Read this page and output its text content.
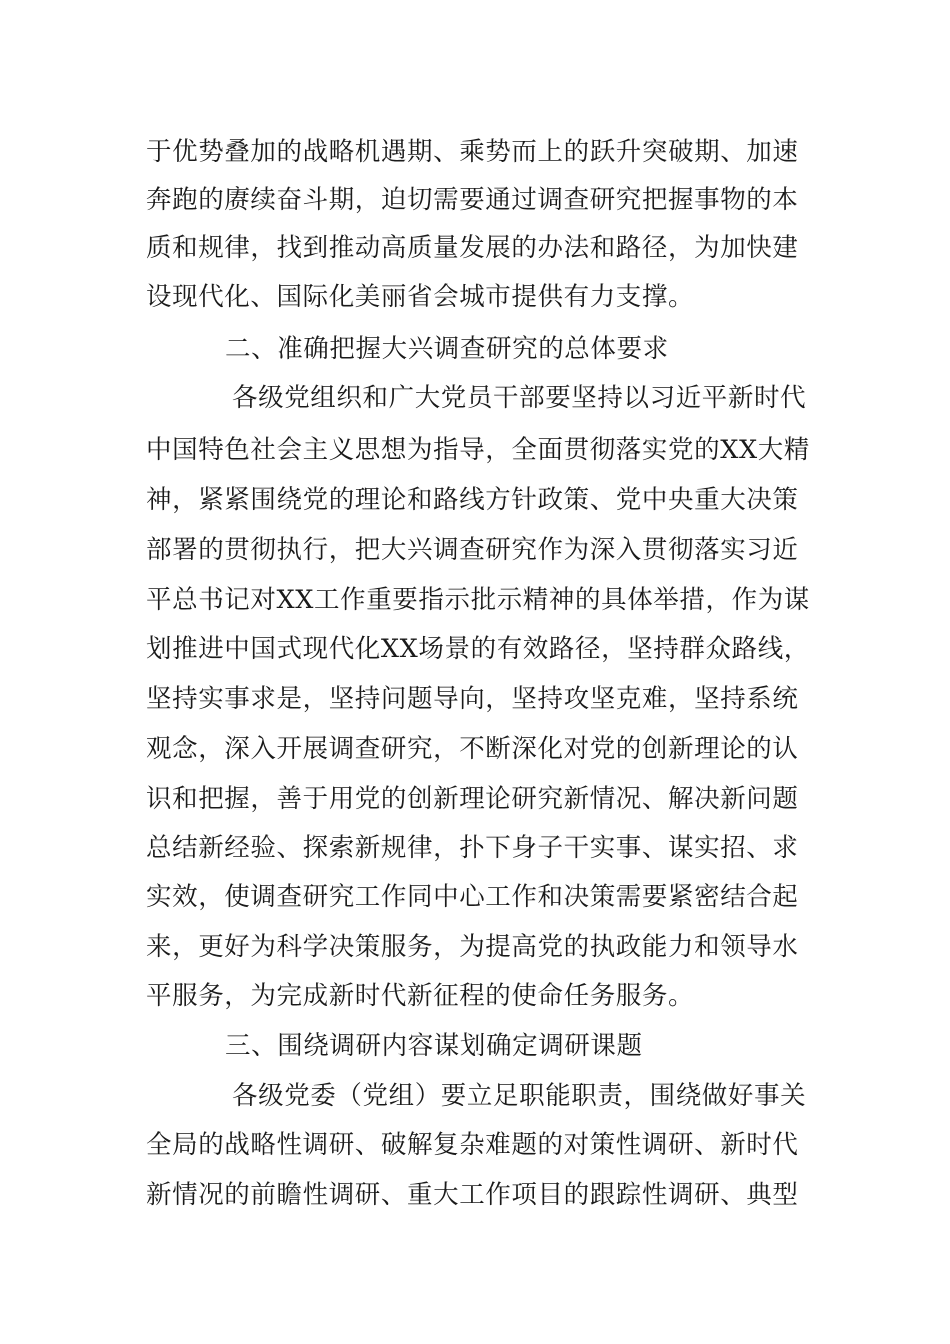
于优势叠加的战略机遇期、乘势而上的跃升突破期、加速
奔跑的赓续奋斗期，迫切需要通过调查研究把握事物的本
质和规律，找到推动高质量发展的办法和路径，为加快建
设现代化、国际化美丽省会城市提供有力支撑。
二、准确把握大兴调查研究的总体要求
各级党组织和广大党员干部要坚持以习近平新时代
中国特色社会主义思想为指导，全面贯彻落实党的XX大精
神，紧紧围绕党的理论和路线方针政策、党中央重大决策
部署的贯彻执行，把大兴调查研究作为深入贯彻落实习近
平总书记对XX工作重要指示批示精神的具体举措，作为谋
划推进中国式现代化XX场景的有效路径，坚持群众路线，
坚持实事求是，坚持问题导向，坚持攻坚克难，坚持系统
观念，深入开展调查研究，不断深化对党的创新理论的认
识和把握，善于用党的创新理论研究新情况、解决新问题
总结新经验、探索新规律，扑下身子干实事、谋实招、求
实效，使调查研究工作同中心工作和决策需要紧密结合起
来，更好为科学决策服务，为提高党的执政能力和领导水
平服务，为完成新时代新征程的使命任务服务。
三、围绕调研内容谋划确定调研课题
各级党委（党组）要立足职能职责，围绕做好事关
全局的战略性调研、破解复杂难题的对策性调研、新时代
新情况的前瞻性调研、重大工作项目的跟踪性调研、典型
